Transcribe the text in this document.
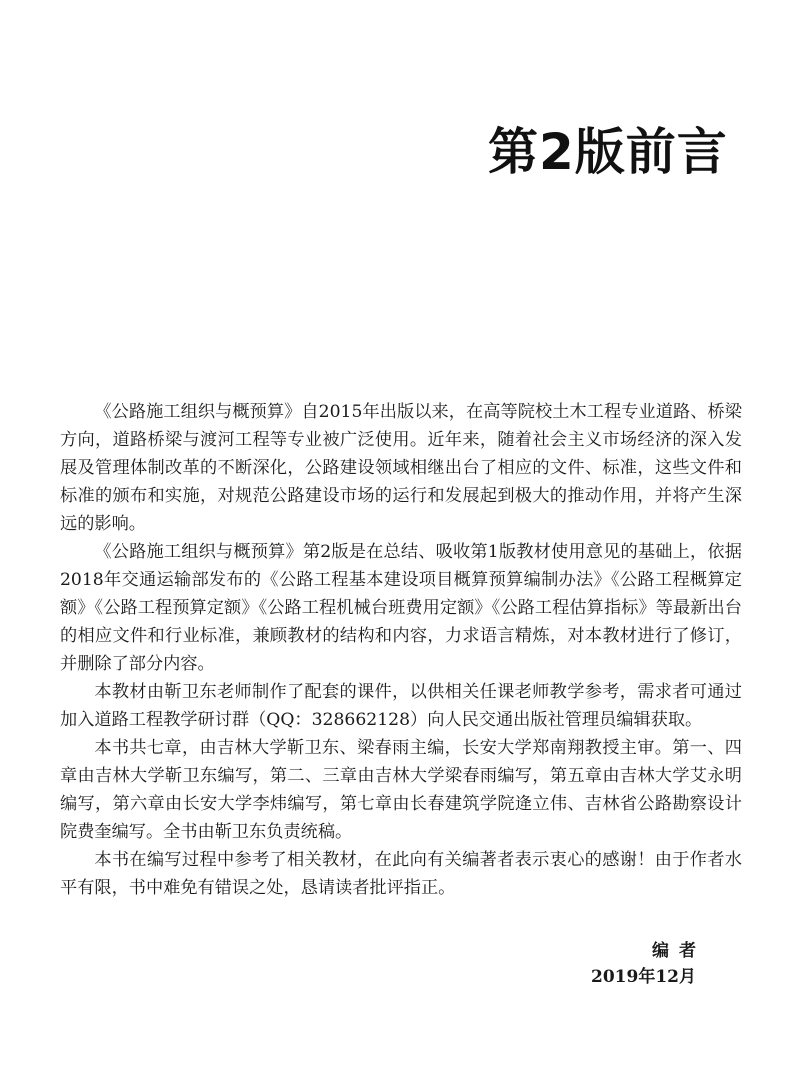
第2版前言

《公路施工组织与概预算》自2015年出版以来，在高等院校土木工程专业道路、桥梁方向，道路桥梁与渡河工程等专业被广泛使用。近年来，随着社会主义市场经济的深入发展及管理体制改革的不断深化，公路建设领域相继出台了相应的文件、标准，这些文件和标准的颁布和实施，对规范公路建设市场的运行和发展起到极大的推动作用，并将产生深远的影响。

《公路施工组织与概预算》第2版是在总结、吸收第1版教材使用意见的基础上，依据2018年交通运输部发布的《公路工程基本建设项目概算预算编制办法》《公路工程概算定额》《公路工程预算定额》《公路工程机械台班费用定额》《公路工程估算指标》等最新出台的相应文件和行业标准，兼顾教材的结构和内容，力求语言精炼，对本教材进行了修订，并删除了部分内容。

本教材由靳卫东老师制作了配套的课件，以供相关任课老师教学参考，需求者可通过加入道路工程教学研讨群（QQ：328662128）向人民交通出版社管理员编辑获取。

本书共七章，由吉林大学靳卫东、梁春雨主编，长安大学郑南翔教授主审。第一、四章由吉林大学靳卫东编写，第二、三章由吉林大学梁春雨编写，第五章由吉林大学艾永明编写，第六章由长安大学李炜编写，第七章由长春建筑学院逄立伟、吉林省公路勘察设计院费奎编写。全书由靳卫东负责统稿。

本书在编写过程中参考了相关教材，在此向有关编著者表示衷心的感谢！由于作者水平有限，书中难免有错误之处，恳请读者批评指正。

编者
2019年12月
